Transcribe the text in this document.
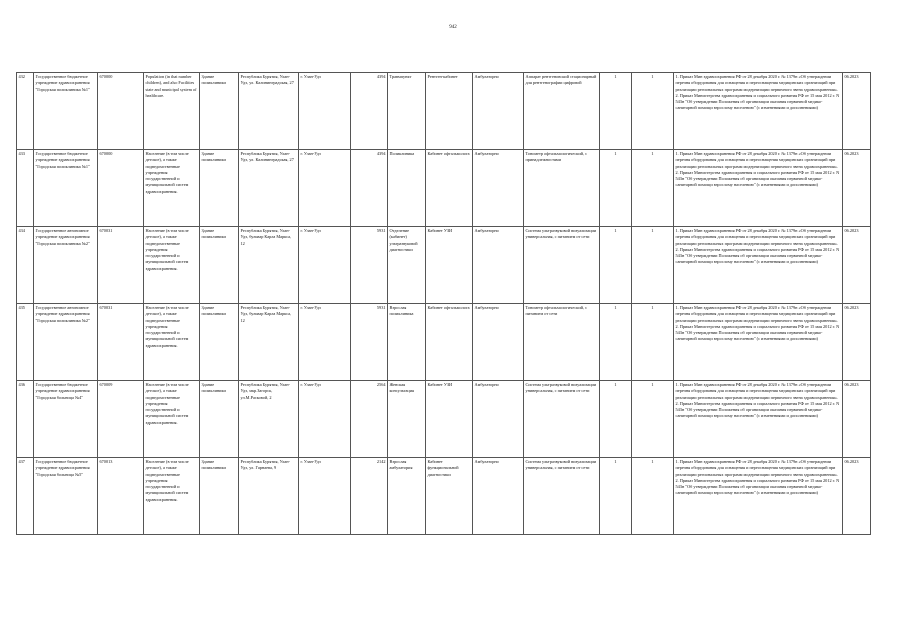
942
432	Государственное бюджетное учреждение здравоохранения "Городская поликлиника №1"	670000	Population (in that number children), and also Facilities state and municipal system of healthcare.	Здание поликлиники	Республика Бурятия, Улан-Удэ, ул. Калининградская, 27	г. Улан-Удэ	4394	Травмпункт	Рентген-кабинет	Амбулаторно	Аппарат рентгеновский стационарный для рентгенографии цифровой	1	1	1. Приказ Мин здравоохранения РФ от 28 декабря 2020 г. № 1379н «Об утверждении перечня оборудования для оснащения и переоснащения медицинских организаций при реализации региональных программ модернизации первичного звена здравоохранения». 2. Приказ Министерства здравоохранения и социального развития РФ от 15 мая 2012 г. N 543н "Об утверждении Положения об организации оказания первичной медико-санитарной помощи взрослому населению" (с изменениями и дополнениями)	06.2023
433	Государственное бюджетное учреждение здравоохранения "Городская поликлиника №1"	670000	Население (в том числе детское), а также подведомственные учреждения государственной и муниципальной систем здравоохранения.	Здание поликлиники	Республика Бурятия, Улан-Удэ, ул. Калининградская, 27	г. Улан-Удэ	4394	Поликлиника	Кабинет офтальмолога	Амбулаторно	Тонометр офтальмологический, с принадлежностями	1	1	1. Приказ Мин здравоохранения РФ от 28 декабря 2020 г. № 1379н «Об утверждении перечня оборудования для оснащения и переоснащения медицинских организаций при реализации региональных программ модернизации первичного звена здравоохранения». 2. Приказ Министерства здравоохранения и социального развития РФ от 15 мая 2012 г. N 543н "Об утверждении Положения об организации оказания первичной медико-санитарной помощи взрослому населению" (с изменениями и дополнениями)	06.2023
434	Государственное автономное учреждение здравоохранения "Городская поликлиника №2"	670031	Население (в том числе детское), а также подведомственные учреждения государственной и муниципальной систем здравоохранения.	Здание поликлиники	Республика Бурятия, Улан-Удэ, бульвар Карла Маркса, 12	г. Улан-Удэ	5931	Отделение (кабинет) ультразвуковой диагностики	Кабинет УЗИ	Амбулаторно	Система ультразвуковой визуализации универсальная, с питанием от сети	1	1	1. Приказ Мин здравоохранения РФ от 28 декабря 2020 г. № 1379н «Об утверждении перечня оборудования для оснащения и переоснащения медицинских организаций при реализации региональных программ модернизации первичного звена здравоохранения». 2. Приказ Министерства здравоохранения и социального развития РФ от 15 мая 2012 г. N 543н "Об утверждении Положения об организации оказания первичной медико-санитарной помощи взрослому населению" (с изменениями и дополнениями)	06.2023
435	Государственное автономное учреждение здравоохранения "Городская поликлиника №2"	670031	Население (в том числе детское), а также подведомственные учреждения государственной и муниципальной систем здравоохранения.	Здание поликлиники	Республика Бурятия, Улан-Удэ, бульвар Карла Маркса, 12	г. Улан-Удэ	5931	Взрослая поликлиника	Кабинет офтальмолога	Амбулаторно	Тонометр офтальмологический, с питанием от сети	1	1	1. Приказ Мин здравоохранения РФ от 28 декабря 2020 г. № 1379н «Об утверждении перечня оборудования для оснащения и переоснащения медицинских организаций при реализации региональных программ модернизации первичного звена здравоохранения». 2. Приказ Министерства здравоохранения и социального развития РФ от 15 мая 2012 г. N 543н "Об утверждении Положения об организации оказания первичной медико-санитарной помощи взрослому населению" (с изменениями и дополнениями)	06.2023
436	Государственное бюджетное учреждение здравоохранения "Городская больница №4"	670009	Население (в том числе детское), а также подведомственные учреждения государственной и муниципальной систем здравоохранения.	Здание поликлиники	Республика Бурятия, Улан-Удэ, мкр.Загорск, ул.М.Расковой, 2	г. Улан-Удэ	2564	Женская консультация	Кабинет УЗИ	Амбулаторно	Система ультразвуковой визуализации универсальная, с питанием от сети	1	1	1. Приказ Мин здравоохранения РФ от 28 декабря 2020 г. № 1379н «Об утверждении перечня оборудования для оснащения и переоснащения медицинских организаций при реализации региональных программ модернизации первичного звена здравоохранения». 2. Приказ Министерства здравоохранения и социального развития РФ от 15 мая 2012 г. N 543н "Об утверждении Положения об организации оказания первичной медико-санитарной помощи взрослому населению" (с изменениями и дополнениями)	06.2023
437	Государственное бюджетное учреждение здравоохранения "Городская больница №5"	670013	Население (в том числе детское), а также подведомственные учреждения государственной и муниципальной систем здравоохранения.	Здание поликлиники	Республика Бурятия, Улан-Удэ, ул. Гарнаева, 9	г. Улан-Удэ	2142	Взрослая амбулатория	Кабинет функциональной диагностики	Амбулаторно	Система ультразвуковой визуализации универсальная, с питанием от сети	1	1	1. Приказ Мин здравоохранения РФ от 28 декабря 2020 г. № 1379н «Об утверждении перечня оборудования для оснащения и переоснащения медицинских организаций при реализации региональных программ модернизации первичного звена здравоохранения». 2. Приказ Министерства здравоохранения и социального развития РФ от 15 мая 2012 г. N 543н "Об утверждении Положения об организации оказания первичной медико-санитарной помощи взрослому населению" (с изменениями и дополнениями)	06.2023
